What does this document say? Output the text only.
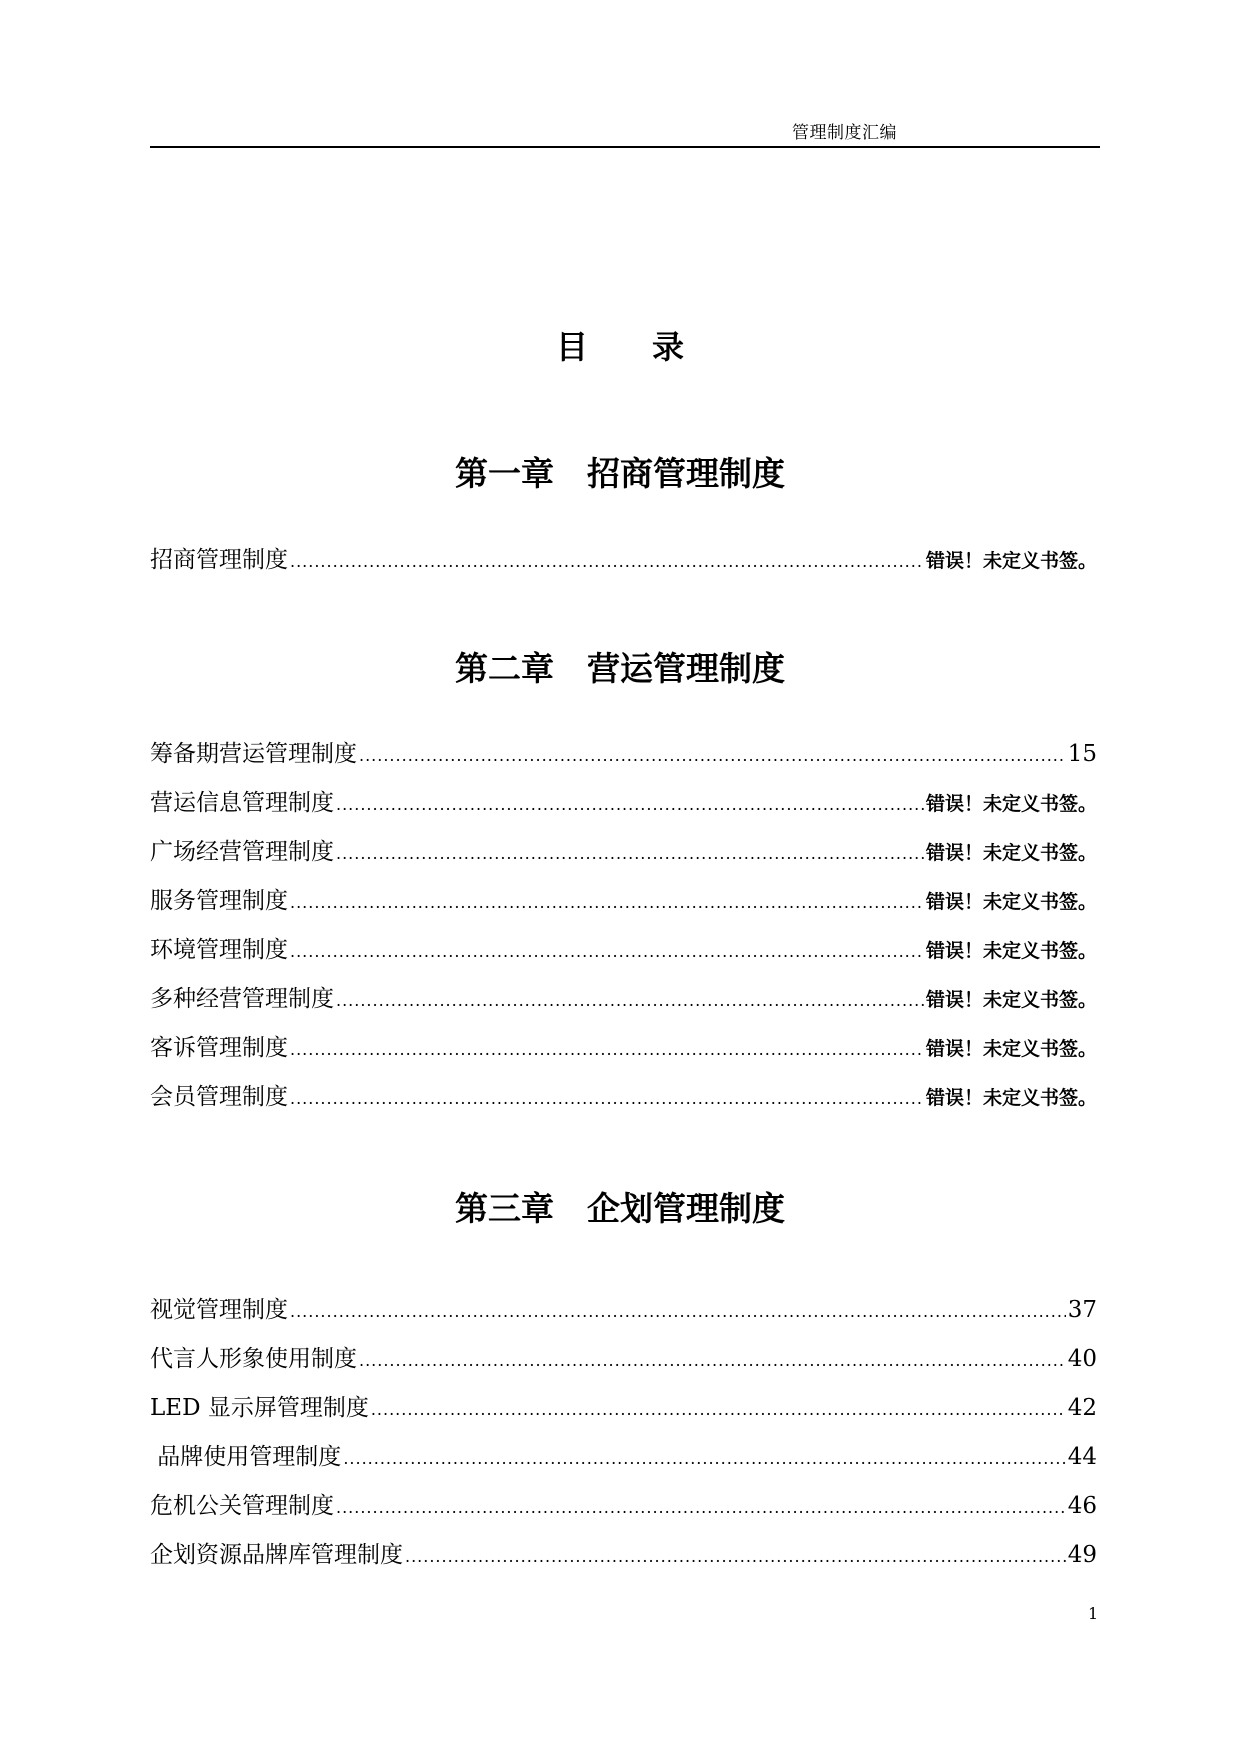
管理制度汇编
目　　录
第一章　招商管理制度
招商管理制度 .....	错误！未定义书签。
第二章　营运管理制度
筹备期营运管理制度 .....	15
营运信息管理制度 .....	错误！未定义书签。
广场经营管理制度 .....	错误！未定义书签。
服务管理制度 .....	错误！未定义书签。
环境管理制度 .....	错误！未定义书签。
多种经营管理制度 .....	错误！未定义书签。
客诉管理制度 .....	错误！未定义书签。
会员管理制度 .....	错误！未定义书签。
第三章　企划管理制度
视觉管理制度 .....	37
代言人形象使用制度 .....	40
LED 显示屏管理制度 .....	42
品牌使用管理制度 .....	44
危机公关管理制度 .....	46
企划资源品牌库管理制度 .....	49
1
